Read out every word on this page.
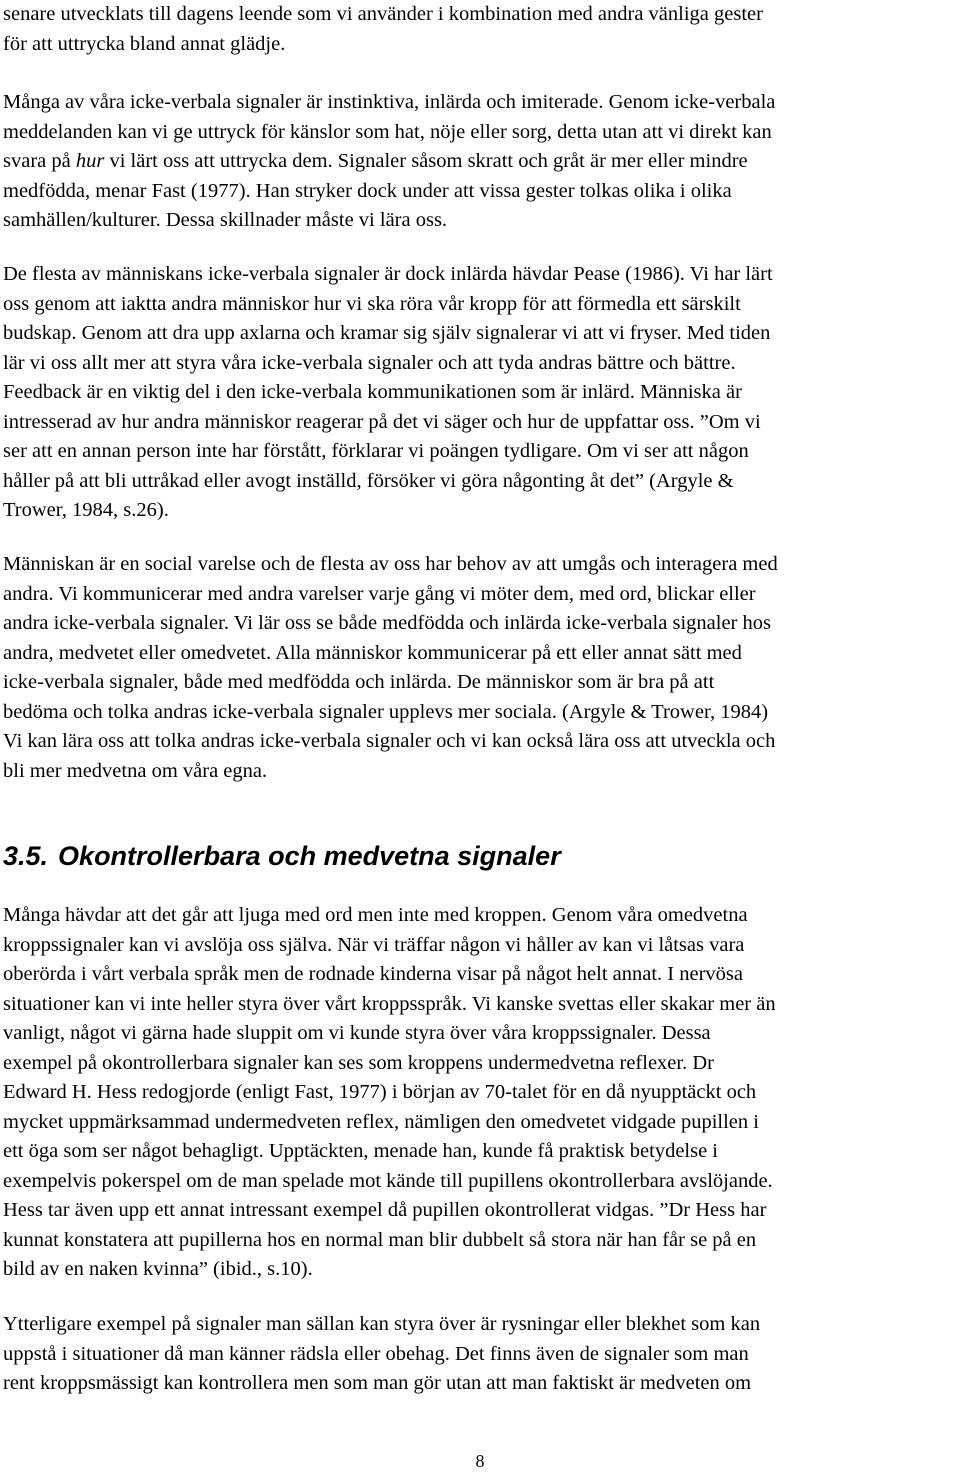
senare utvecklats till dagens leende som vi använder i kombination med andra vänliga gester
för att uttrycka bland annat glädje.

Många av våra icke-verbala signaler är instinktiva, inlärda och imiterade. Genom icke-verbala
meddelanden kan vi ge uttryck för känslor som hat, nöje eller sorg, detta utan att vi direkt kan
svara på hur vi lärt oss att uttrycka dem. Signaler såsom skratt och gråt är mer eller mindre
medfödda, menar Fast (1977). Han stryker dock under att vissa gester tolkas olika i olika
samhällen/kulturer. Dessa skillnader måste vi lära oss.

De flesta av människans icke-verbala signaler är dock inlärda hävdar Pease (1986). Vi har lärt
oss genom att iaktta andra människor hur vi ska röra vår kropp för att förmedla ett särskilt
budskap. Genom att dra upp axlarna och kramar sig själv signalerar vi att vi fryser. Med tiden
lär vi oss allt mer att styra våra icke-verbala signaler och att tyda andras bättre och bättre.
Feedback är en viktig del i den icke-verbala kommunikationen som är inlärd. Människa är
intresserad av hur andra människor reagerar på det vi säger och hur de uppfattar oss. ”Om vi
ser att en annan person inte har förstått, förklarar vi poängen tydligare. Om vi ser att någon
håller på att bli uttråkad eller avogt inställd, försöker vi göra någonting åt det” (Argyle &
Trower, 1984, s.26).

Människan är en social varelse och de flesta av oss har behov av att umgås och interagera med
andra. Vi kommunicerar med andra varelser varje gång vi möter dem, med ord, blickar eller
andra icke-verbala signaler. Vi lär oss se både medfödda och inlärda icke-verbala signaler hos
andra, medvetet eller omedvetet. Alla människor kommunicerar på ett eller annat sätt med
icke-verbala signaler, både med medfödda och inlärda. De människor som är bra på att
bedöma och tolka andras icke-verbala signaler upplevs mer sociala. (Argyle & Trower, 1984)
Vi kan lära oss att tolka andras icke-verbala signaler och vi kan också lära oss att utveckla och
bli mer medvetna om våra egna.

3.5. Okontrollerbara och medvetna signaler

Många hävdar att det går att ljuga med ord men inte med kroppen. Genom våra omedvetna
kroppssignaler kan vi avslöja oss själva. När vi träffar någon vi håller av kan vi låtsas vara
oberörda i vårt verbala språk men de rodnade kinderna visar på något helt annat. I nervösa
situationer kan vi inte heller styra över vårt kroppsspråk. Vi kanske svettas eller skakar mer än
vanligt, något vi gärna hade sluppit om vi kunde styra över våra kroppssignaler. Dessa
exempel på okontrollerbara signaler kan ses som kroppens undermedvetna reflexer. Dr
Edward H. Hess redogjorde (enligt Fast, 1977) i början av 70-talet för en då nyupptäckt och
mycket uppmärksammad undermedveten reflex, nämligen den omedvetet vidgade pupillen i
ett öga som ser något behagligt. Upptäckten, menade han, kunde få praktisk betydelse i
exempelvis pokerspel om de man spelade mot kände till pupillens okontrollerbara avslöjande.
Hess tar även upp ett annat intressant exempel då pupillen okontrollerat vidgas. ”Dr Hess har
kunnat konstatera att pupillerna hos en normal man blir dubbelt så stora när han får se på en
bild av en naken kvinna” (ibid., s.10).

Ytterligare exempel på signaler man sällan kan styra över är rysningar eller blekhet som kan
uppstå i situationer då man känner rädsla eller obehag. Det finns även de signaler som man
rent kroppsmässigt kan kontrollera men som man gör utan att man faktiskt är medveten om

8
